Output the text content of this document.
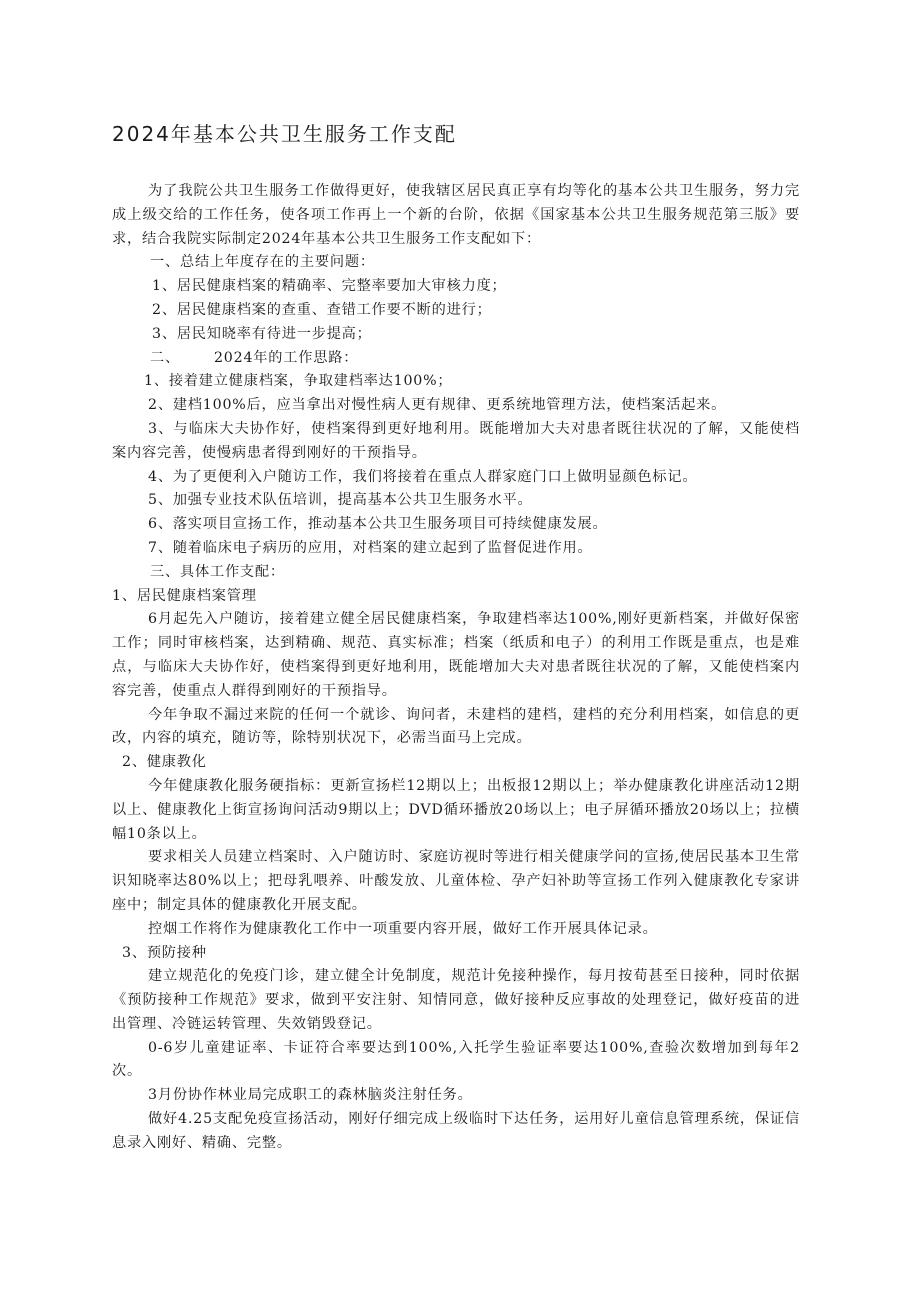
2024年基本公共卫生服务工作支配

为了我院公共卫生服务工作做得更好，使我辖区居民真正享有均等化的基本公共卫生服务，努力完成上级交给的工作任务，使各项工作再上一个新的台阶，依据《国家基本公共卫生服务规范第三版》要求，结合我院实际制定2024年基本公共卫生服务工作支配如下：

一、总结上年度存在的主要问题：

1、居民健康档案的精确率、完整率要加大审核力度；

2、居民健康档案的查重、查错工作要不断的进行；

3、居民知晓率有待进一步提高；

二、 2024年的工作思路：

1、接着建立健康档案，争取建档率达100%；

2、建档100%后，应当拿出对慢性病人更有规律、更系统地管理方法，使档案活起来。

3、与临床大夫协作好，使档案得到更好地利用。既能增加大夫对患者既往状况的了解，又能使档案内容完善，使慢病患者得到刚好的干预指导。

4、为了更便利入户随访工作，我们将接着在重点人群家庭门口上做明显颜色标记。

5、加强专业技术队伍培训，提高基本公共卫生服务水平。

6、落实项目宣扬工作，推动基本公共卫生服务项目可持续健康发展。

7、随着临床电子病历的应用，对档案的建立起到了监督促进作用。

三、具体工作支配：

1、居民健康档案管理

6月起先入户随访，接着建立健全居民健康档案，争取建档率达100%,刚好更新档案，并做好保密工作；同时审核档案，达到精确、规范、真实标准；档案（纸质和电子）的利用工作既是重点，也是难点，与临床大夫协作好，使档案得到更好地利用，既能增加大夫对患者既往状况的了解，又能使档案内容完善，使重点人群得到刚好的干预指导。

今年争取不漏过来院的任何一个就诊、询问者，未建档的建档，建档的充分利用档案，如信息的更改，内容的填充，随访等，除特别状况下，必需当面马上完成。

2、健康教化

今年健康教化服务硬指标：更新宣扬栏12期以上；出板报12期以上；举办健康教化讲座活动12期以上、健康教化上街宣扬询问活动9期以上；DVD循环播放20场以上；电子屏循环播放20场以上；拉横幅10条以上。

要求相关人员建立档案时、入户随访时、家庭访视时等进行相关健康学问的宣扬,使居民基本卫生常识知晓率达80%以上；把母乳喂养、叶酸发放、儿童体检、孕产妇补助等宣扬工作列入健康教化专家讲座中；制定具体的健康教化开展支配。

控烟工作将作为健康教化工作中一项重要内容开展，做好工作开展具体记录。

3、预防接种

建立规范化的免疫门诊，建立健全计免制度，规范计免接种操作，每月按荀甚至日接种，同时依据《预防接种工作规范》要求，做到平安注射、知情同意，做好接种反应事故的处理登记，做好疫苗的进出管理、冷链运转管理、失效销毁登记。

0-6岁儿童建证率、卡证符合率要达到100%,入托学生验证率要达100%,查验次数增加到每年2次。

3月份协作林业局完成职工的森林脑炎注射任务。

做好4.25支配免疫宣扬活动，刚好仔细完成上级临时下达任务，运用好儿童信息管理系统，保证信息录入刚好、精确、完整。
